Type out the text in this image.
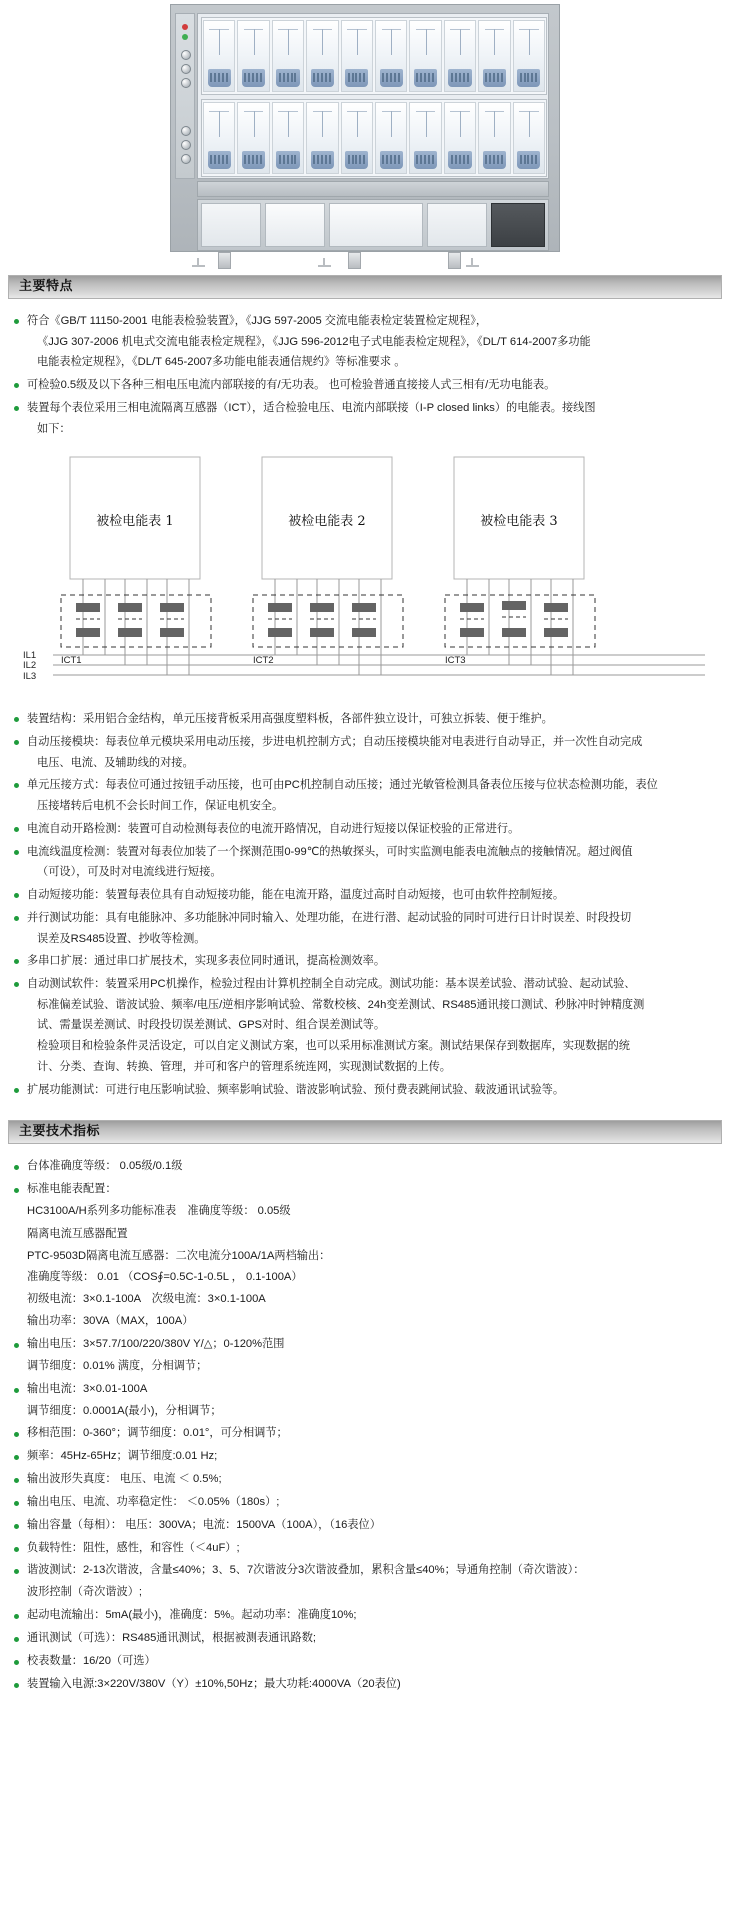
主要特点
符合《GB/T 11150-2001 电能表检验装置》，《JJG 597-2005 交流电能表检定装置检定规程》，
《JJG 307-2006 机电式交流电能表检定规程》，《JJG 596-2012电子式电能表检定规程》，《DL/T 614-2007多功能
电能表检定规程》，《DL/T 645-2007多功能电能表通信规约》等标准要求 。
可检验0.5级及以下各种三相电压电流内部联接的有/无功表。 也可检验普通直接接人式三相有/无功电能表。
装置每个表位采用三相电流隔离互感器（ICT），适合检验电压、电流内部联接（I-P closed links）的电能表。接线图
如下：
ICT1
被检电能表 1
ICT2
被检电能表 2
ICT3
被检电能表 3
IL1
IL2
IL3
装置结构：采用铝合金结构，单元压接背板采用高强度塑料板，各部件独立设计，可独立拆装、便于维护。
自动压接模块：每表位单元模块采用电动压接，步进电机控制方式；自动压接模块能对电表进行自动导正，并一次性自动完成
电压、电流、及辅助线的对接。
单元压接方式：每表位可通过按钮手动压接，也可由PC机控制自动压接；通过光敏管检测具备表位压接与位状态检测功能，表位
压接堵转后电机不会长时间工作，保证电机安全。
电流自动开路检测：装置可自动检测每表位的电流开路情况，自动进行短接以保证校验的正常进行。
电流线温度检测：装置对每表位加装了一个探测范围0-99℃的热敏探头，可时实监测电能表电流触点的接触情况。超过阀值
（可设），可及时对电流线进行短接。
自动短接功能：装置每表位具有自动短接功能，能在电流开路，温度过高时自动短接，也可由软件控制短接。
并行测试功能：具有电能脉冲、多功能脉冲同时输入、处理功能，在进行潜、起动试验的同时可进行日计时误差、时段投切
误差及RS485设置、抄收等检测。
多串口扩展：通过串口扩展技术，实现多表位同时通讯，提高检测效率。
自动测试软件：装置采用PC机操作，检验过程由计算机控制全自动完成。测试功能：基本误差试验、潜动试验、起动试验、
标准偏差试验、谐波试验、频率/电压/逆相序影响试验、常数校核、24h变差测试、RS485通讯接口测试、秒脉冲时钟精度测
试、需量误差测试、时段投切误差测试、GPS对时、组合误差测试等。
检验项目和检验条件灵活设定，可以自定义测试方案，也可以采用标准测试方案。测试结果保存到数据库，实现数据的统
计、分类、查询、转换、管理，并可和客户的管理系统连网，实现测试数据的上传。
扩展功能测试：可进行电压影响试验、频率影响试验、谐波影响试验、预付费表跳闸试验、载波通讯试验等。
主要技术指标
台体准确度等级： 0.05级/0.1级
标准电能表配置：
HC3100A/H系列多功能标准表　准确度等级： 0.05级
隔离电流互感器配置
PTC-9503D隔离电流互感器：二次电流分100A/1A两档输出：
准确度等级： 0.01 （COS∮=0.5C-1-0.5L ， 0.1-100A）
初级电流：3×0.1-100A　次级电流：3×0.1-100A
输出功率：30VA（MAX，100A）
输出电压：3×57.7/100/220/380V Y/△；0-120%范围
调节细度：0.01% 满度，分相调节；
输出电流：3×0.01-100A
调节细度：0.0001A(最小)，分相调节；
移相范围：0-360°；调节细度：0.01°，可分相调节；
频率：45Hz-65Hz；调节细度:0.01 Hz;
输出波形失真度： 电压、电流 ＜ 0.5%;
输出电压、电流、功率稳定性： ＜0.05%（180s）;
输出容量（每相）： 电压：300VA；电流：1500VA（100A），（16表位）
负载特性：阻性，感性，和容性（＜4uF）;
谐波测试：2-13次谐波，含量≤40%；3、5、7次谐波分3次谐波叠加，累积含量≤40%；导通角控制（奇次谐波）：
波形控制（奇次谐波）;
起动电流输出：5mA(最小)，准确度：5%。起动功率：准确度10%;
通讯测试（可选）：RS485通讯测试，根据被测表通讯路数;
校表数量：16/20（可选）
装置输入电源:3×220V/380V（Y）±10%,50Hz；最大功耗:4000VA（20表位)
